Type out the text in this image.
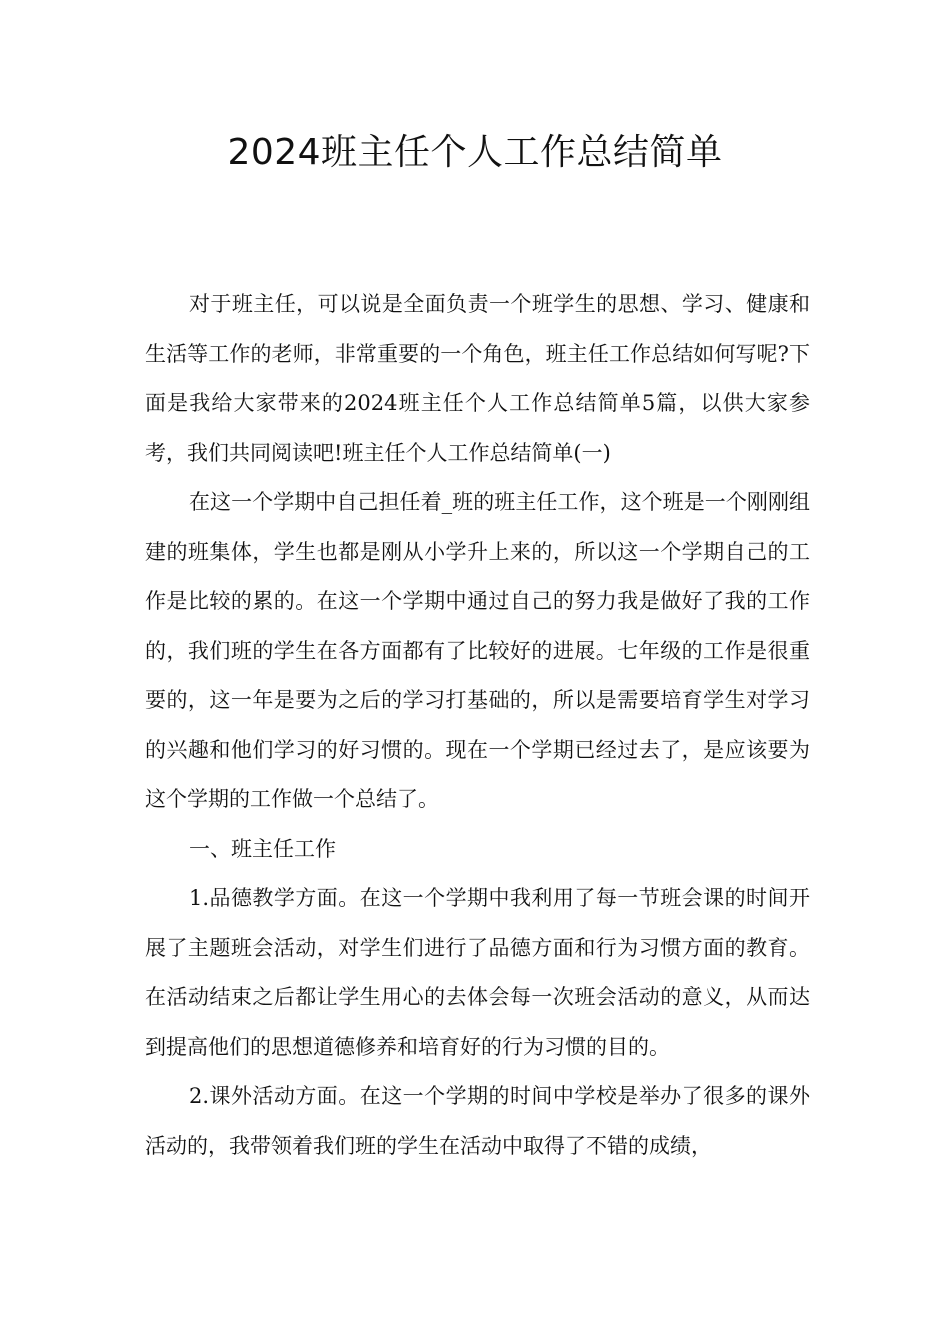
2024班主任个人工作总结简单

对于班主任，可以说是全面负责一个班学生的思想、学习、健康和生活等工作的老师，非常重要的一个角色，班主任工作总结如何写呢?下面是我给大家带来的2024班主任个人工作总结简单5篇，以供大家参考，我们共同阅读吧!班主任个人工作总结简单(一)

在这一个学期中自己担任着_班的班主任工作，这个班是一个刚刚组建的班集体，学生也都是刚从小学升上来的，所以这一个学期自己的工作是比较的累的。在这一个学期中通过自己的努力我是做好了我的工作的，我们班的学生在各方面都有了比较好的进展。七年级的工作是很重要的，这一年是要为之后的学习打基础的，所以是需要培育学生对学习的兴趣和他们学习的好习惯的。现在一个学期已经过去了，是应该要为这个学期的工作做一个总结了。

一、班主任工作

1.品德教学方面。在这一个学期中我利用了每一节班会课的时间开展了主题班会活动，对学生们进行了品德方面和行为习惯方面的教育。在活动结束之后都让学生用心的去体会每一次班会活动的意义，从而达到提高他们的思想道德修养和培育好的行为习惯的目的。

2.课外活动方面。在这一个学期的时间中学校是举办了很多的课外活动的，我带领着我们班的学生在活动中取得了不错的成绩，
